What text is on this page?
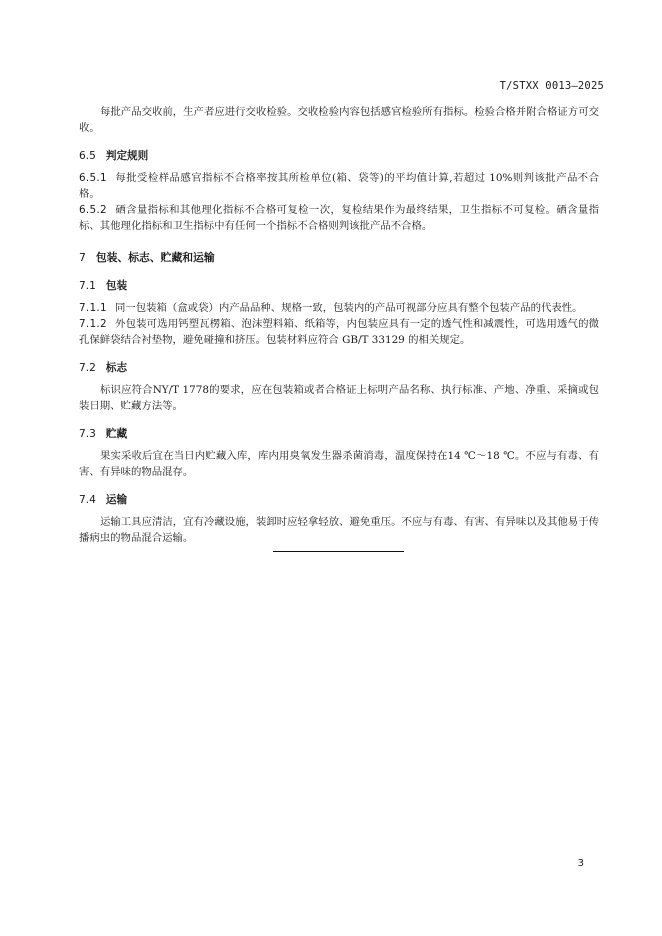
T/STXX 0013—2025

每批产品交收前，生产者应进行交收检验。交收检验内容包括感官检验所有指标。检验合格并附合格证方可交收。

6.5 判定规则

6.5.1 每批受检样品感官指标不合格率按其所检单位(箱、袋等)的平均值计算,若超过 10%则判该批产品不合格。

6.5.2 硒含量指标和其他理化指标不合格可复检一次，复检结果作为最终结果，卫生指标不可复检。硒含量指标、其他理化指标和卫生指标中有任何一个指标不合格则判该批产品不合格。

7 包装、标志、贮藏和运输
7.1 包装

7.1.1 同一包装箱（盒或袋）内产品品种、规格一致，包装内的产品可视部分应具有整个包装产品的代表性。

7.1.2 外包装可选用钙塑瓦楞箱、泡沫塑料箱、纸箱等，内包装应具有一定的透气性和减震性，可选用透气的微孔保鲜袋结合衬垫物，避免碰撞和挤压。包装材料应符合 GB/T 33129 的相关规定。

7.2 标志

标识应符合NY/T 1778的要求，应在包装箱或者合格证上标明产品名称、执行标准、产地、净重、采摘或包装日期、贮藏方法等。

7.3 贮藏

果实采收后宜在当日内贮藏入库，库内用臭氧发生器杀菌消毒，温度保持在14 ℃～18 ℃。不应与有毒、有害、有异味的物品混存。

7.4 运输

运输工具应清洁，宜有冷藏设施，装卸时应轻拿轻放、避免重压。不应与有毒、有害、有异味以及其他易于传播病虫的物品混合运输。

3
